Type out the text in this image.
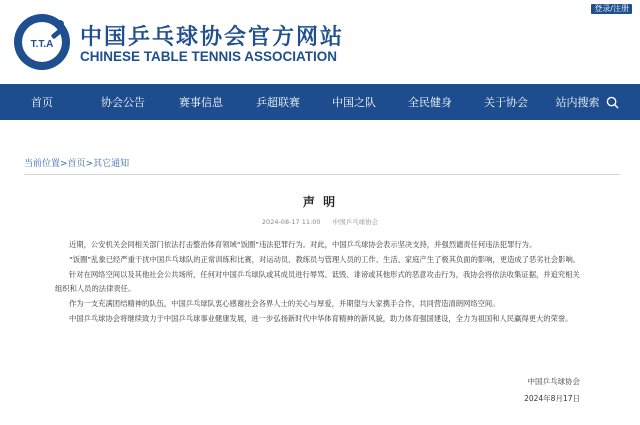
登录/注册
T.T.A 中国乒乓球协会官方网站
CHINESE TABLE TENNIS ASSOCIATION
首页	协会公告	赛事信息	乒超联赛	中国之队	全民健身	关于协会	站内搜索
当前位置>首页>其它通知
声 明
2024-08-17 11:00 中国乒乓球协会

近期，公安机关会同相关部门依法打击整治体育领域“饭圈”违法犯罪行为。对此，中国乒乓球协会表示坚决支持，并强烈谴责任何违法犯罪行为。

“饭圈”乱象已经严重干扰中国乒乓球队的正常训练和比赛，对运动员、教练员与管理人员的工作、生活、家庭产生了极其负面的影响，更造成了恶劣社会影响。

针对在网络空间以及其他社会公共场所，任何对中国乒乓球队或其成员进行辱骂、诋毁、诽谤或其他形式的恶意攻击行为，我协会将依法收集证据，并追究相关组织和人员的法律责任。

作为一支充满团结精神的队伍，中国乒乓球队衷心感谢社会各界人士的关心与厚爱，并期望与大家携手合作，共同营造清朗网络空间。

中国乒乓球协会将继续致力于中国乒乓球事业健康发展，进一步弘扬新时代中华体育精神的新风貌，助力体育强国建设，全力为祖国和人民赢得更大的荣誉。

中国乒乓球协会
2024年8月17日
